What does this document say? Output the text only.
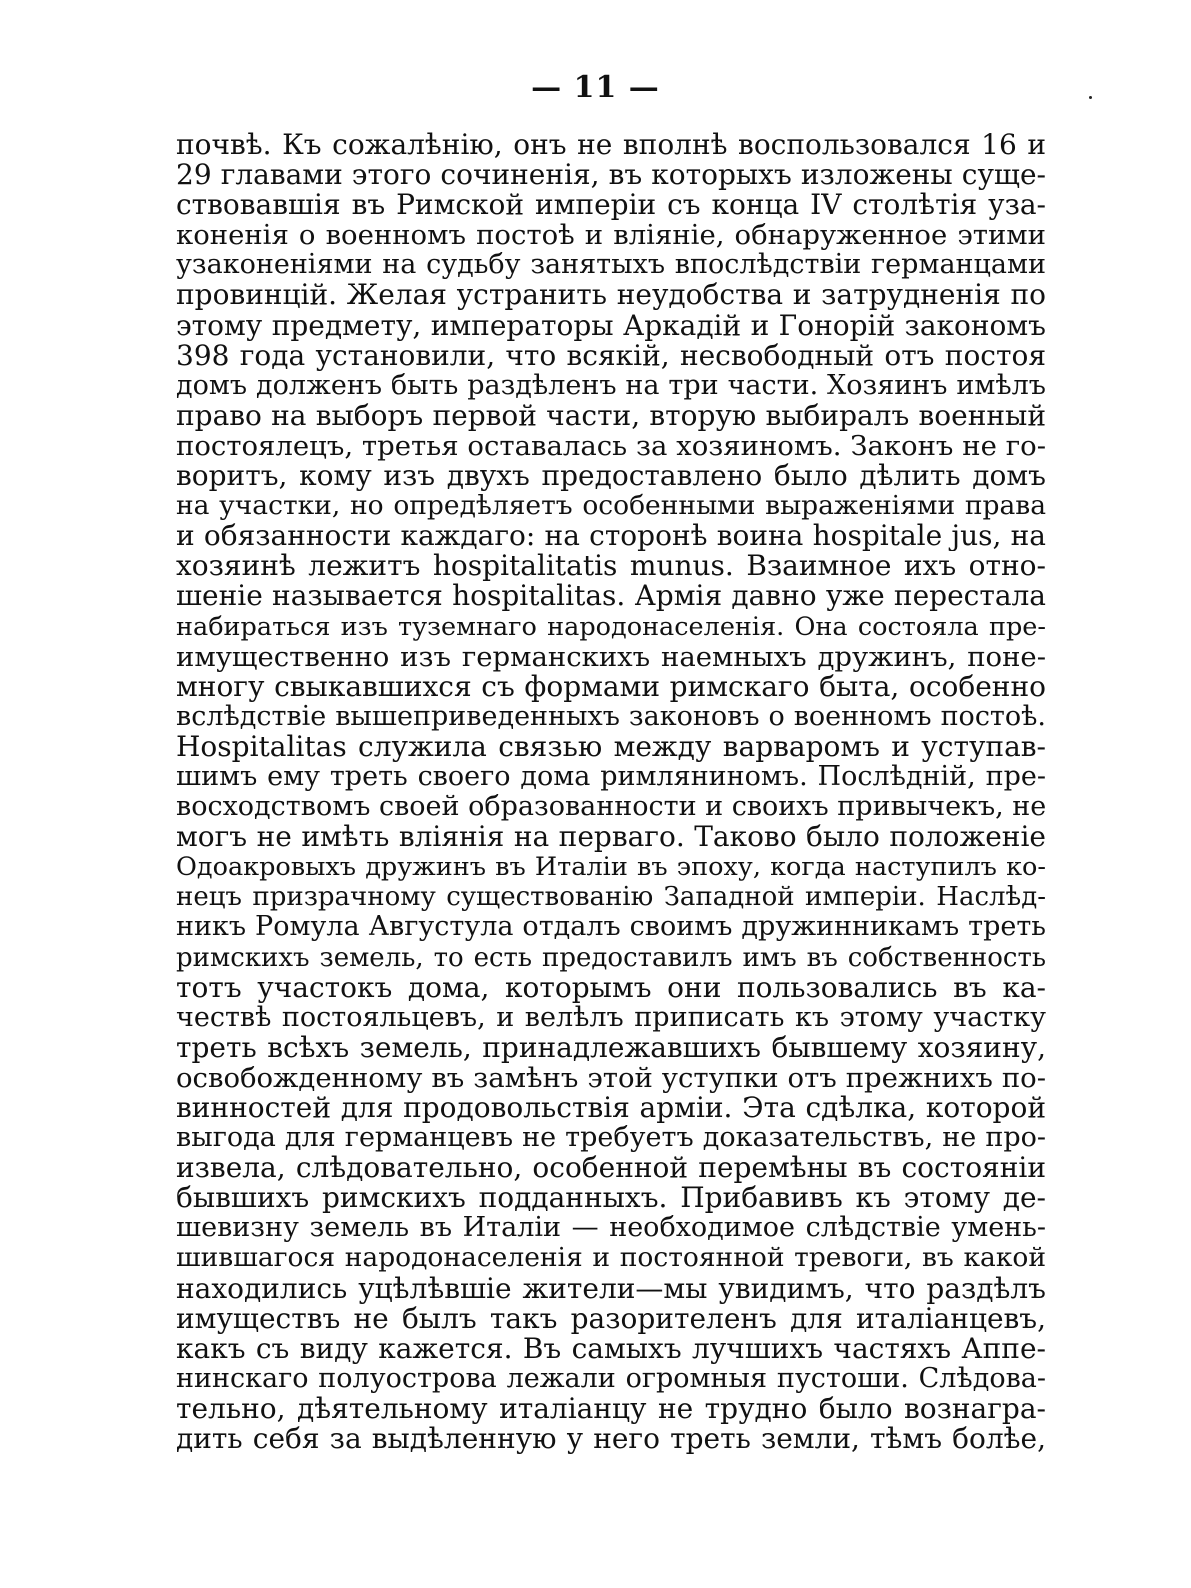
— 11 —
почвѣ. Къ сожалѣнію, онъ не вполнѣ воспользовался 16 и
29 главами этого сочиненія, въ которыхъ изложены суще-
ствовавшія въ Римской имперіи съ конца IV столѣтія уза-
коненія о военномъ постоѣ и вліяніе, обнаруженное этими
узаконеніями на судьбу занятыхъ впослѣдствіи германцами
провинцій. Желая устранить неудобства и затрудненія по
этому предмету, императоры Аркадій и Гонорій закономъ
398 года установили, что всякій, несвободный отъ постоя
домъ долженъ быть раздѣленъ на три части. Хозяинъ имѣлъ
право на выборъ первой части, вторую выбиралъ военный
постоялецъ, третья оставалась за хозяиномъ. Законъ не го-
воритъ, кому изъ двухъ предоставлено было дѣлить домъ
на участки, но опредѣляетъ особенными выраженіями права
и обязанности каждаго: на сторонѣ воина hospitale jus, на
хозяинѣ лежитъ hospitalitatis munus. Взаимное ихъ отно-
шеніе называется hospitalitas. Армія давно уже перестала
набираться изъ туземнаго народонаселенія. Она состояла пре-
имущественно изъ германскихъ наемныхъ дружинъ, поне-
многу свыкавшихся съ формами римскаго быта, особенно
вслѣдствіе вышеприведенныхъ законовъ о военномъ постоѣ.
Hospitalitas служила связью между варваромъ и уступав-
шимъ ему треть своего дома римляниномъ. Послѣдній, пре-
восходствомъ своей образованности и своихъ привычекъ, не
могъ не имѣть вліянія на перваго. Таково было положеніе
Одоакровыхъ дружинъ въ Италіи въ эпоху, когда наступилъ ко-
нецъ призрачному существованію Западной имперіи. Наслѣд-
никъ Ромула Августула отдалъ своимъ дружинникамъ треть
римскихъ земель, то есть предоставилъ имъ въ собственность
тотъ участокъ дома, которымъ они пользовались въ ка-
чествѣ постояльцевъ, и велѣлъ приписать къ этому участку
треть всѣхъ земель, принадлежавшихъ бывшему хозяину,
освобожденному въ замѣнъ этой уступки отъ прежнихъ по-
винностей для продовольствія арміи. Эта сдѣлка, которой
выгода для германцевъ не требуетъ доказательствъ, не про-
извела, слѣдовательно, особенной перемѣны въ состояніи
бывшихъ римскихъ подданныхъ. Прибавивъ къ этому де-
шевизну земель въ Италіи — необходимое слѣдствіе умень-
шившагося народонаселенія и постоянной тревоги, въ какой
находились уцѣлѣвшіе жители—мы увидимъ, что раздѣлъ
имуществъ не былъ такъ разорителенъ для италіанцевъ,
какъ съ виду кажется. Въ самыхъ лучшихъ частяхъ Аппе-
нинскаго полуострова лежали огромныя пустоши. Слѣдова-
тельно, дѣятельному италіанцу не трудно было вознагра-
дить себя за выдѣленную у него треть земли, тѣмъ болѣе,
